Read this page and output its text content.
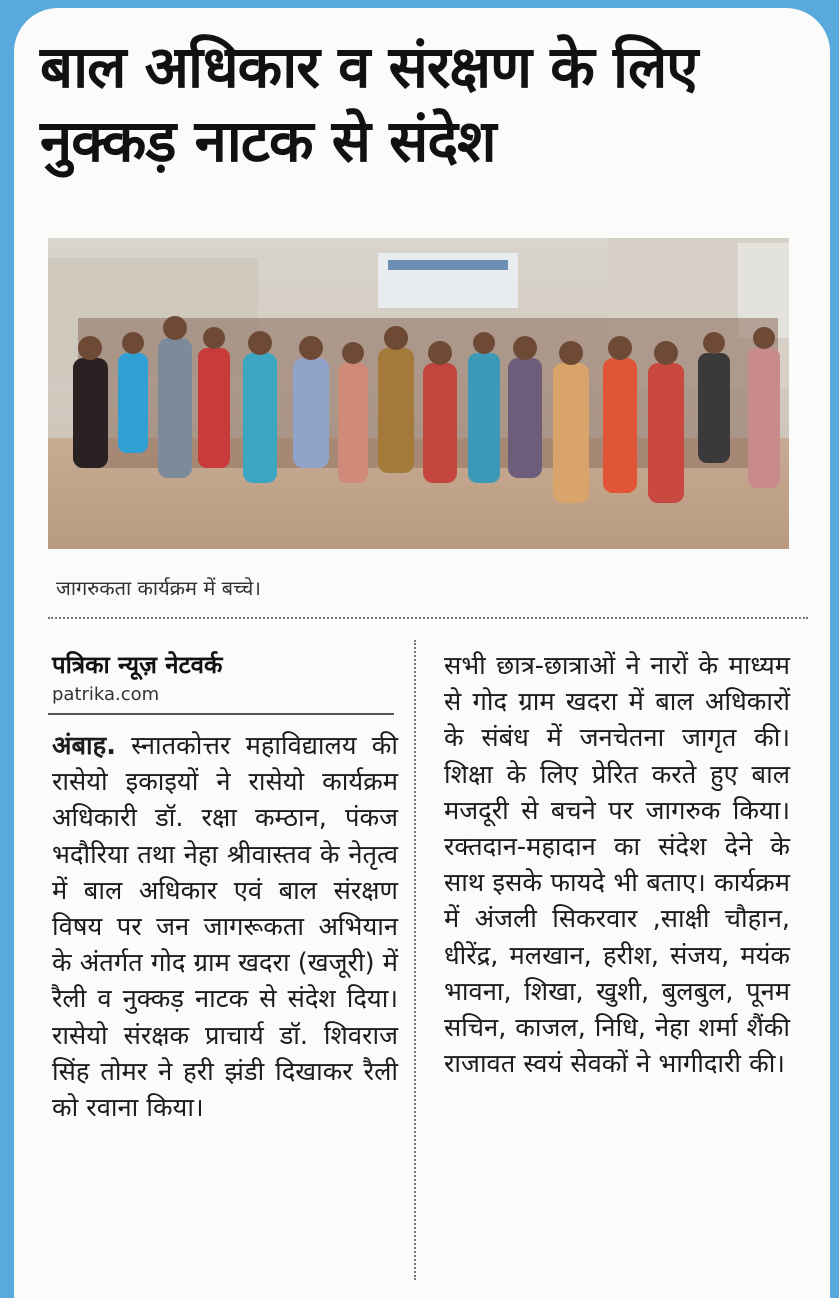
बाल अधिकार व संरक्षण के लिए नुक्कड़ नाटक से संदेश
जागरुकता कार्यक्रम में बच्चे।
पत्रिका न्यूज़ नेटवर्क
patrika.com
अंबाह. स्नातकोत्तर महाविद्यालय की रासेयो इकाइयों ने रासेयो कार्यक्रम अधिकारी डॉ. रक्षा कम्ठान, पंकज भदौरिया तथा नेहा श्रीवास्तव के नेतृत्व में बाल अधिकार एवं बाल संरक्षण विषय पर जन जागरूकता अभियान के अंतर्गत गोद ग्राम खदरा (खजूरी) में रैली व नुक्कड़ नाटक से संदेश दिया। रासेयो संरक्षक प्राचार्य डॉ. शिवराज सिंह तोमर ने हरी झंडी दिखाकर रैली को रवाना किया।
सभी छात्र-छात्राओं ने नारों के माध्यम से गोद ग्राम खदरा में बाल अधिकारों के संबंध में जनचेतना जागृत की। शिक्षा के लिए प्रेरित करते हुए बाल मजदूरी से बचने पर जागरुक किया। रक्तदान-महादान का संदेश देने के साथ इसके फायदे भी बताए। कार्यक्रम में अंजली सिकरवार ,साक्षी चौहान, धीरेंद्र, मलखान, हरीश, संजय, मयंक भावना, शिखा, खुशी, बुलबुल, पूनम सचिन, काजल, निधि, नेहा शर्मा शैंकी राजावत स्वयं सेवकों ने भागीदारी की।
